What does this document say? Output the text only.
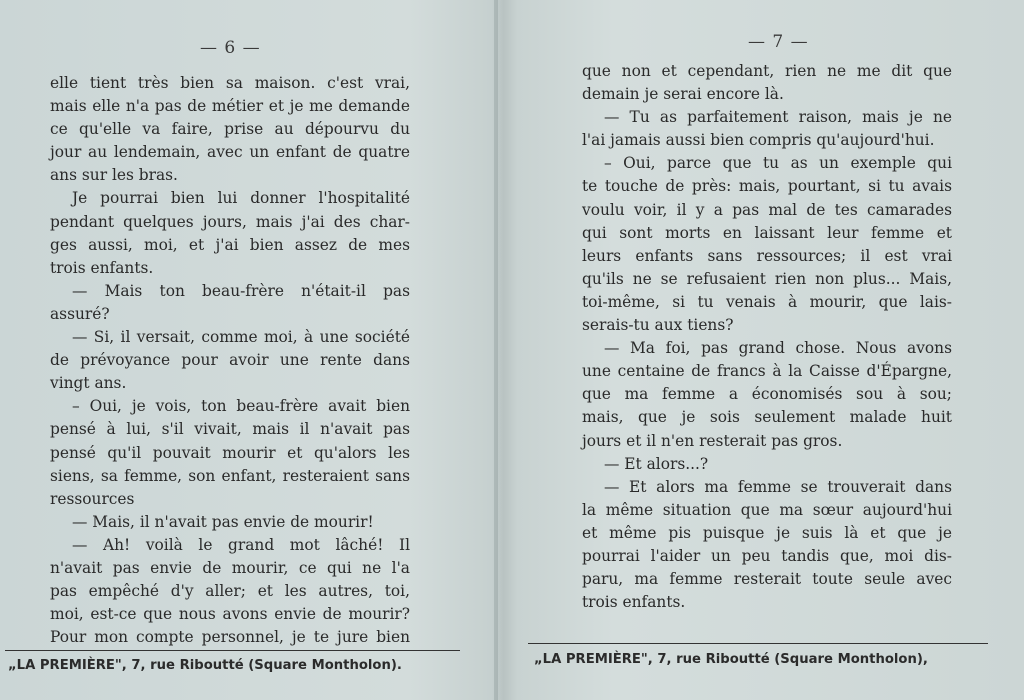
— 6 —

elle tient très bien sa maison. c'est vrai,

mais elle n'a pas de métier et je me demande

ce qu'elle va faire, prise au dépourvu du

jour au lendemain, avec un enfant de quatre

ans sur les bras.

Je pourrai bien lui donner l'hospitalité

pendant quelques jours, mais j'ai des char-

ges aussi, moi, et j'ai bien assez de mes

trois enfants.

— Mais ton beau-frère n'était-il pas assuré?

— Si, il versait, comme moi, à une société

de prévoyance pour avoir une rente dans

vingt ans.

– Oui, je vois, ton beau-frère avait bien

pensé à lui, s'il vivait, mais il n'avait pas

pensé qu'il pouvait mourir et qu'alors les

siens, sa femme, son enfant, resteraient sans

ressources

— Mais, il n'avait pas envie de mourir!

— Ah! voilà le grand mot lâché! Il

n'avait pas envie de mourir, ce qui ne l'a

pas empêché d'y aller; et les autres, toi,

moi, est-ce que nous avons envie de mourir?

Pour mon compte personnel, je te jure bien

„LA PREMIÈRE", 7, rue Riboutté (Square Montholon).
— 7 —

que non et cependant, rien ne me dit que

demain je serai encore là.

— Tu as parfaitement raison, mais je ne

l'ai jamais aussi bien compris qu'aujourd'hui.

– Oui, parce que tu as un exemple qui

te touche de près: mais, pourtant, si tu avais

voulu voir, il y a pas mal de tes camarades

qui sont morts en laissant leur femme et

leurs enfants sans ressources; il est vrai

qu'ils ne se refusaient rien non plus... Mais,

toi-même, si tu venais à mourir, que lais-

serais-tu aux tiens?

— Ma foi, pas grand chose. Nous avons

une centaine de francs à la Caisse d'Épargne,

que ma femme a économisés sou à sou;

mais, que je sois seulement malade huit

jours et il n'en resterait pas gros.

— Et alors...?

— Et alors ma femme se trouverait dans

la même situation que ma sœur aujourd'hui

et même pis puisque je suis là et que je

pourrai l'aider un peu tandis que, moi dis-

paru, ma femme resterait toute seule avec

trois enfants.

„LA PREMIÈRE", 7, rue Riboutté (Square Montholon),
